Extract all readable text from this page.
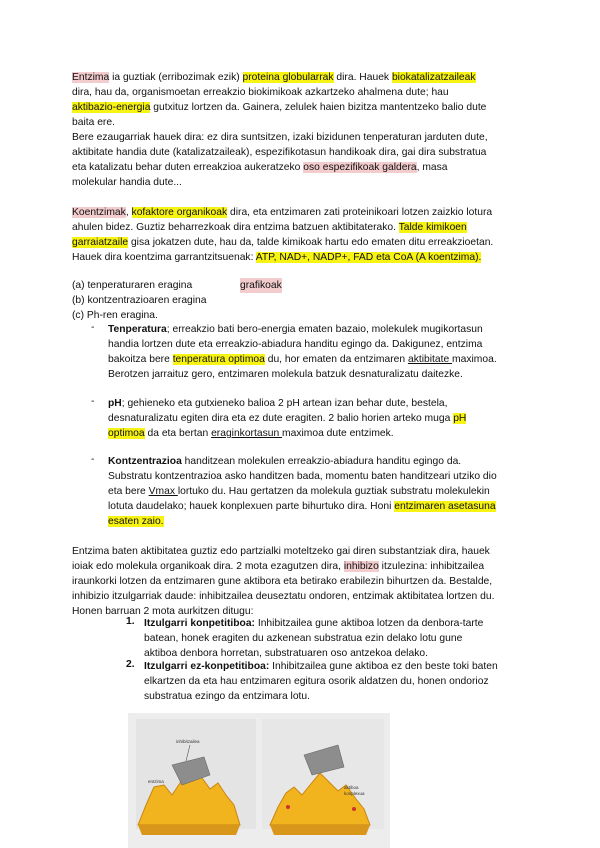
Entzima ia guztiak (erribozimak ezik) proteina globularrak dira. Hauek biokatalizatzaileak
dira, hau da, organismoetan erreakzio biokimikoak azkartzeko ahalmena dute; hau
aktibazio-energia gutxituz lortzen da. Gainera, zelulek haien bizitza mantentzeko balio dute
baita ere.
Bere ezaugarriak hauek dira: ez dira suntsitzen, izaki bizidunen tenperaturan jarduten dute,
aktibitate handia dute (katalizatzaileak), espezifikotasun handikoak dira, gai dira substratua
eta katalizatu behar duten erreakzioa aukeratzeko oso espezifikoak galdera, masa
molekular handia dute...
Koentzimak, kofaktore organikoak dira, eta entzimaren zati proteinikoari lotzen zaizkio lotura
ahulen bidez. Guztiz beharrezkoak dira entzima batzuen aktibitaterako. Talde kimikoen
garraiatzaile gisa jokatzen dute, hau da, talde kimikoak hartu edo ematen ditu erreakzioetan.
Hauek dira koentzima garrantzitsuenak: ATP, NAD+, NADP+, FAD eta CoA (A koentzima).
(a) tenperaturaren eragina	grafikoak
(b) kontzentrazioaren eragina
(c) Ph-ren eragina.
- Tenperatura; erreakzio bati bero-energia ematen bazaio, molekulek mugikortasun
handia lortzen dute eta erreakzio-abiadura handitu egingo da. Dakigunez, entzima
bakoitza bere tenperatura optimoa du, hor ematen da entzimaren aktibitate maximoa.
Berotzen jarraituz gero, entzimaren molekula batzuk desnaturalizatu daitezke.
- pH; gehieneko eta gutxieneko balioa 2 pH artean izan behar dute, bestela,
desnaturalizatu egiten dira eta ez dute eragiten. 2 balio horien arteko muga pH
optimoa da eta bertan eraginkortasun maximoa dute entzimek.
- Kontzentrazioa handitzean molekulen erreakzio-abiadura handitu egingo da.
Substratu kontzentrazioa asko handitzen bada, momentu baten handitzeari utziko dio
eta bere Vmax lortuko du. Hau gertatzen da molekula guztiak substratu molekulekin
lotuta daudelako; hauek konplexuen parte bihurtuko dira. Honi entzimaren asetasuna
esaten zaio.
Entzima baten aktibitatea guztiz edo partzialki moteltzeko gai diren substantziak dira, hauek
ioiak edo molekula organikoak dira. 2 mota ezagutzen dira, inhibizo itzulezina: inhibitzailea
iraunkorki lotzen da entzimaren gune aktibora eta betirako erabilezin bihurtzen da. Bestalde,
inhibizio itzulgarriak daude: inhibitzailea deuseztatu ondoren, entzimak aktibitatea lortzen du.
Honen barruan 2 mota aurkitzen ditugu:
1. Itzulgarri konpetitiboa: Inhibitzailea gune aktiboa lotzen da denbora-tarte
batean, honek eragiten du azkenean substratua ezin delako lotu gune
aktiboa denbora horretan, substratuaren oso antzekoa delako.
2. Itzulgarri ez-konpetitiboa: Inhibitzailea gune aktiboa ez den beste toki baten
elkartzen da eta hau entzimaren egitura osorik aldatzen du, honen ondorioz
substratua ezingo da entzimara lotu.
inhibitzailea
entzima
aktiboa
konplexua
